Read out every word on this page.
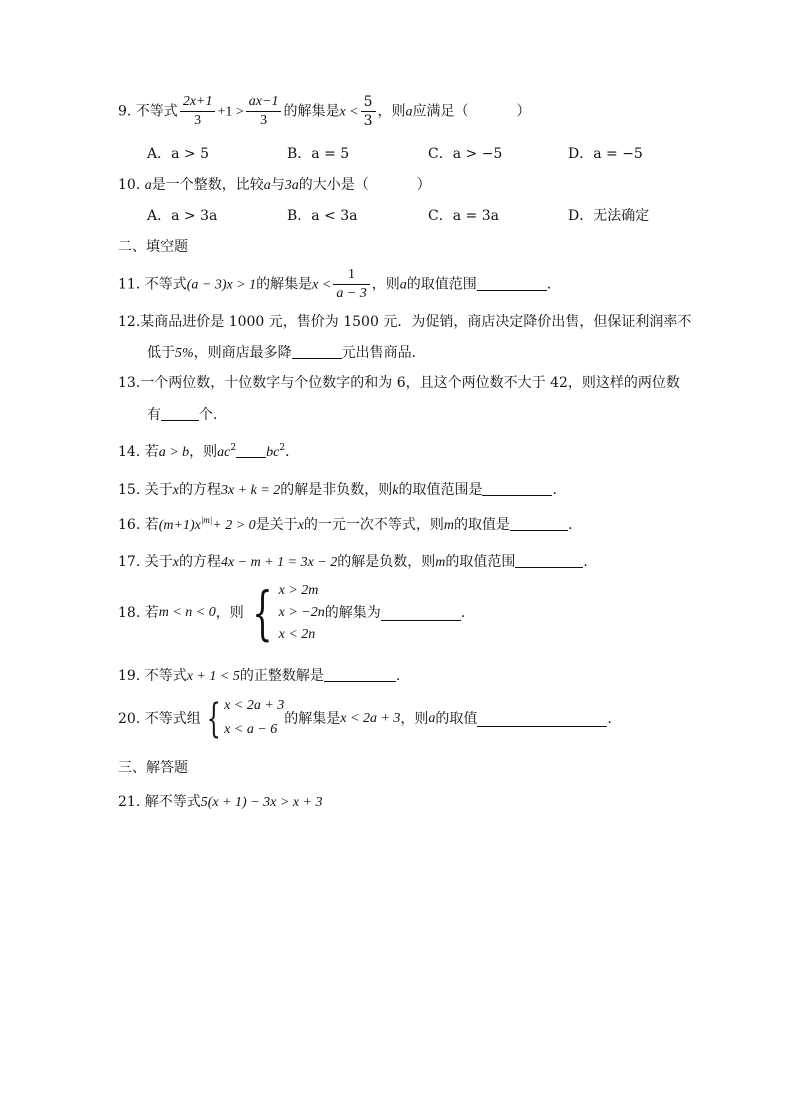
9. 不等式 $\frac{2x+1}{3} +1 > \frac{ax-1}{3}$ 的解集是$x < \frac{5}{3}$ ，则a应满足（	）
A．a > 5	B．a = 5	C．a > −5	D．a = −5
10. a是一个整数，比较a与3a的大小是（	）
A．a > 3a	B．a < 3a	C．a = 3a	D．无法确定
二、填空题
11. 不等式(a − 3)x > 1的解集是$x < \frac{1}{a - 3}$ ，则a的取值范围	.
12.某商品进价是 1000 元，售价为 1500 元．为促销，商店决定降价出售，但保证利润率不
低于5%，则商店最多降	元出售商品．
13.一个两位数，十位数字与个位数字的和为 6，且这个两位数不大于 42，则这样的两位数
有	个．
14. 若a > b，则$ac^2$ $bc^2$．
15. 关于x的方程3x + k = 2的解是非负数，则k的取值范围是	.
16. 若$(m+1)x^{|m|}+ 2 > 0$是关于x的一元一次不等式，则m的取值是	.
17. 关于x的方程4x − m + 1 = 3x − 2的解是负数，则m的取值范围	.
18. 若m < n < 0，则 { x > 2m
x > −2n
x < 2n
的解集为	.
19. 不等式x + 1 < 5的正整数解是	.
20. 不等式组 { x < 2a + 3
x < a − 6
的解集是x < 2a + 3，则a的取值	.
三、解答题
21. 解不等式5(x + 1) − 3x > x + 3
